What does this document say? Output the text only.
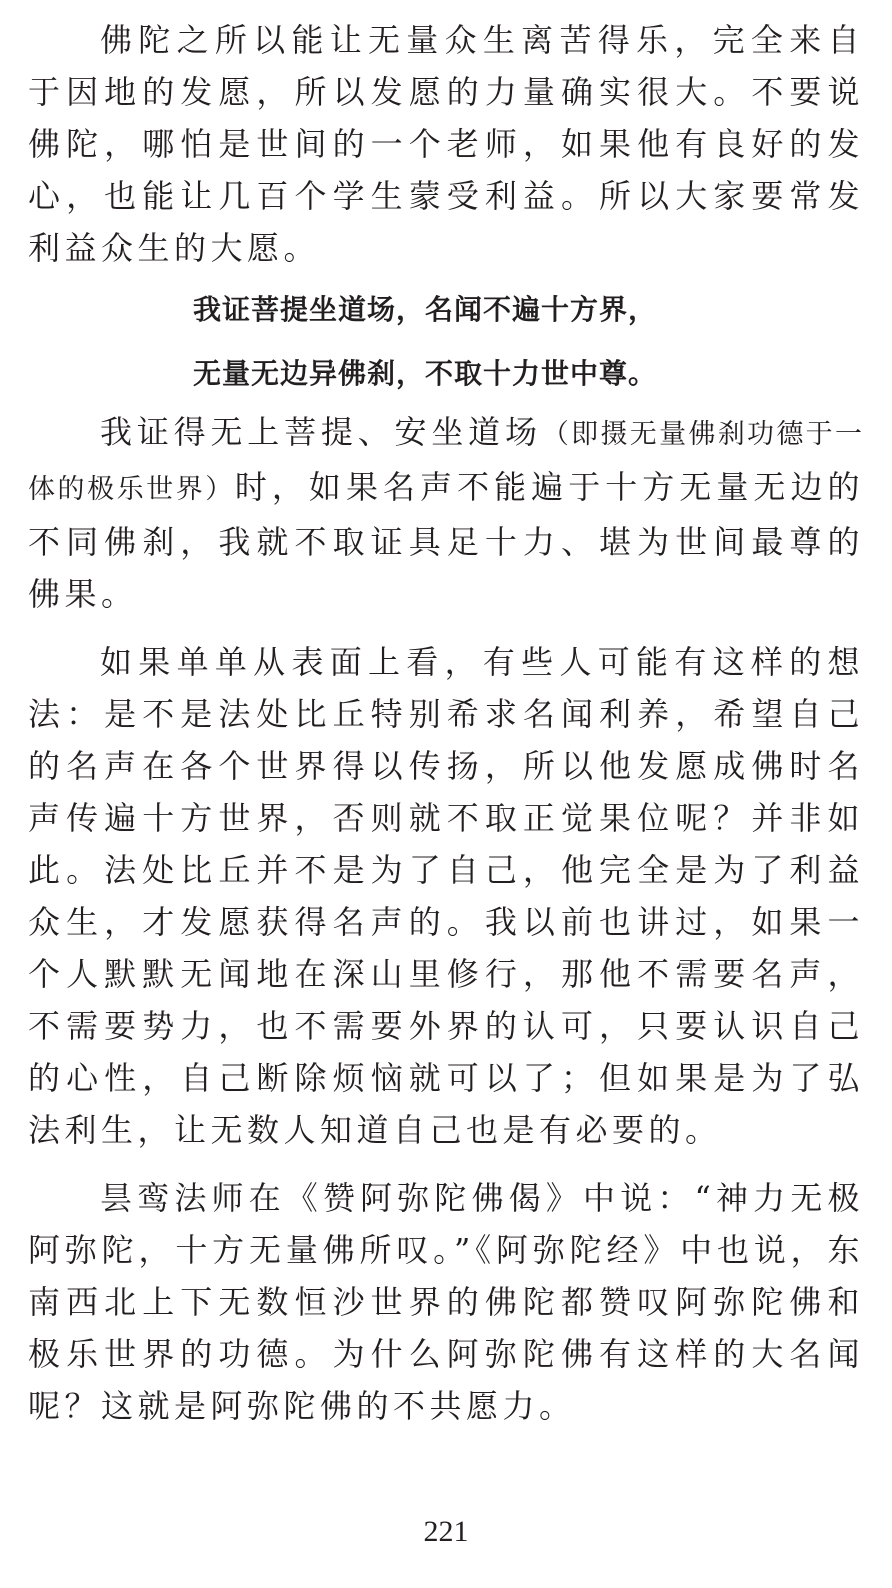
佛陀之所以能让无量众生离苦得乐，完全来自于因地的发愿，所以发愿的力量确实很大。不要说佛陀，哪怕是世间的一个老师，如果他有良好的发心，也能让几百个学生蒙受利益。所以大家要常发利益众生的大愿。

我证菩提坐道场，名闻不遍十方界，

无量无边异佛刹，不取十力世中尊。

我证得无上菩提、安坐道场（即摄无量佛刹功德于一体的极乐世界）时，如果名声不能遍于十方无量无边的不同佛刹，我就不取证具足十力、堪为世间最尊的佛果。

如果单单从表面上看，有些人可能有这样的想法：是不是法处比丘特别希求名闻利养，希望自己的名声在各个世界得以传扬，所以他发愿成佛时名声传遍十方世界，否则就不取正觉果位呢？并非如此。法处比丘并不是为了自己，他完全是为了利益众生，才发愿获得名声的。我以前也讲过，如果一个人默默无闻地在深山里修行，那他不需要名声，不需要势力，也不需要外界的认可，只要认识自己的心性，自己断除烦恼就可以了；但如果是为了弘法利生，让无数人知道自己也是有必要的。

昙鸾法师在《赞阿弥陀佛偈》中说：“神力无极阿弥陀，十方无量佛所叹。”《阿弥陀经》中也说，东南西北上下无数恒沙世界的佛陀都赞叹阿弥陀佛和极乐世界的功德。为什么阿弥陀佛有这样的大名闻呢？这就是阿弥陀佛的不共愿力。

221
